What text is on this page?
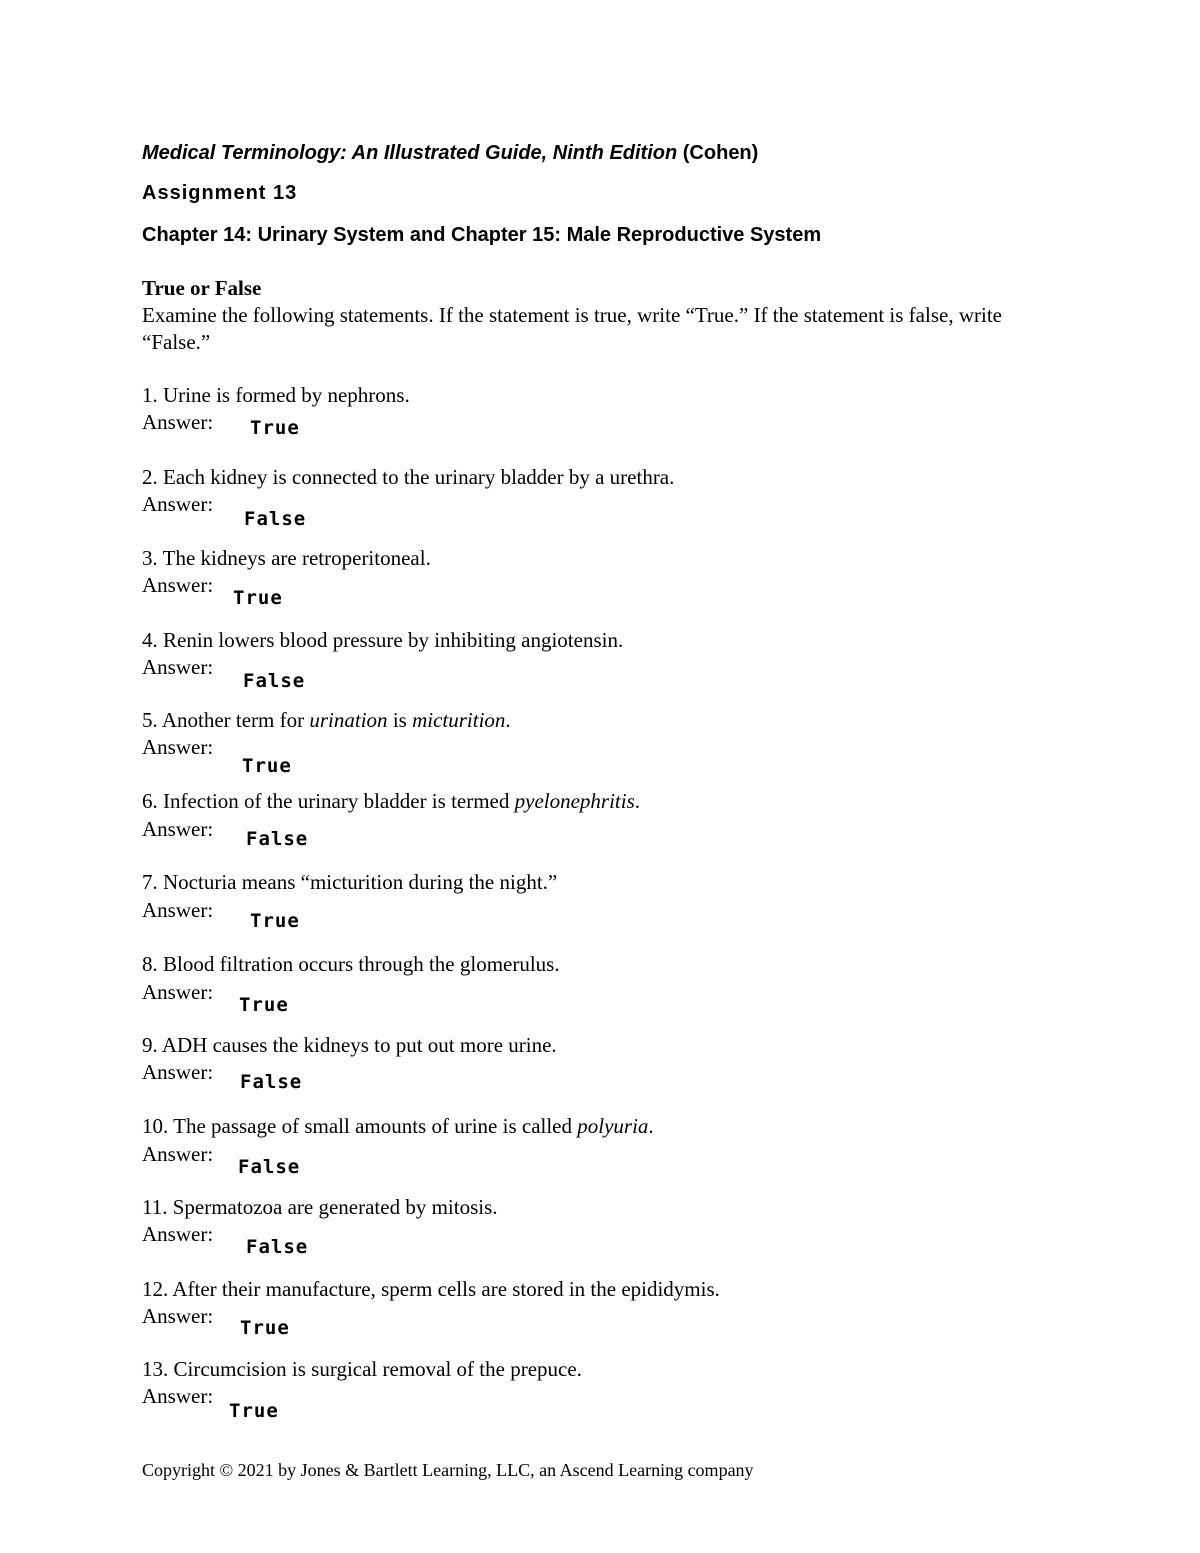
Medical Terminology: An Illustrated Guide, Ninth Edition (Cohen)
Assignment 13
Chapter 14: Urinary System and Chapter 15: Male Reproductive System
True or False
Examine the following statements. If the statement is true, write “True.” If the statement is false, write “False.”
1. Urine is formed by nephrons.
Answer: True
2. Each kidney is connected to the urinary bladder by a urethra.
Answer:
False
3. The kidneys are retroperitoneal.
Answer:
True
4. Renin lowers blood pressure by inhibiting angiotensin.
Answer:
False
5. Another term for urination is micturition.
Answer:
True
6. Infection of the urinary bladder is termed pyelonephritis.
Answer: False
7. Nocturia means “micturition during the night.”
Answer: True
8. Blood filtration occurs through the glomerulus.
Answer:
True
9. ADH causes the kidneys to put out more urine.
Answer: False
10. The passage of small amounts of urine is called polyuria.
Answer:
False
11. Spermatozoa are generated by mitosis.
Answer:
False
12. After their manufacture, sperm cells are stored in the epididymis.
Answer: True
13. Circumcision is surgical removal of the prepuce.
Answer:
True
Copyright © 2021 by Jones & Bartlett Learning, LLC, an Ascend Learning company
